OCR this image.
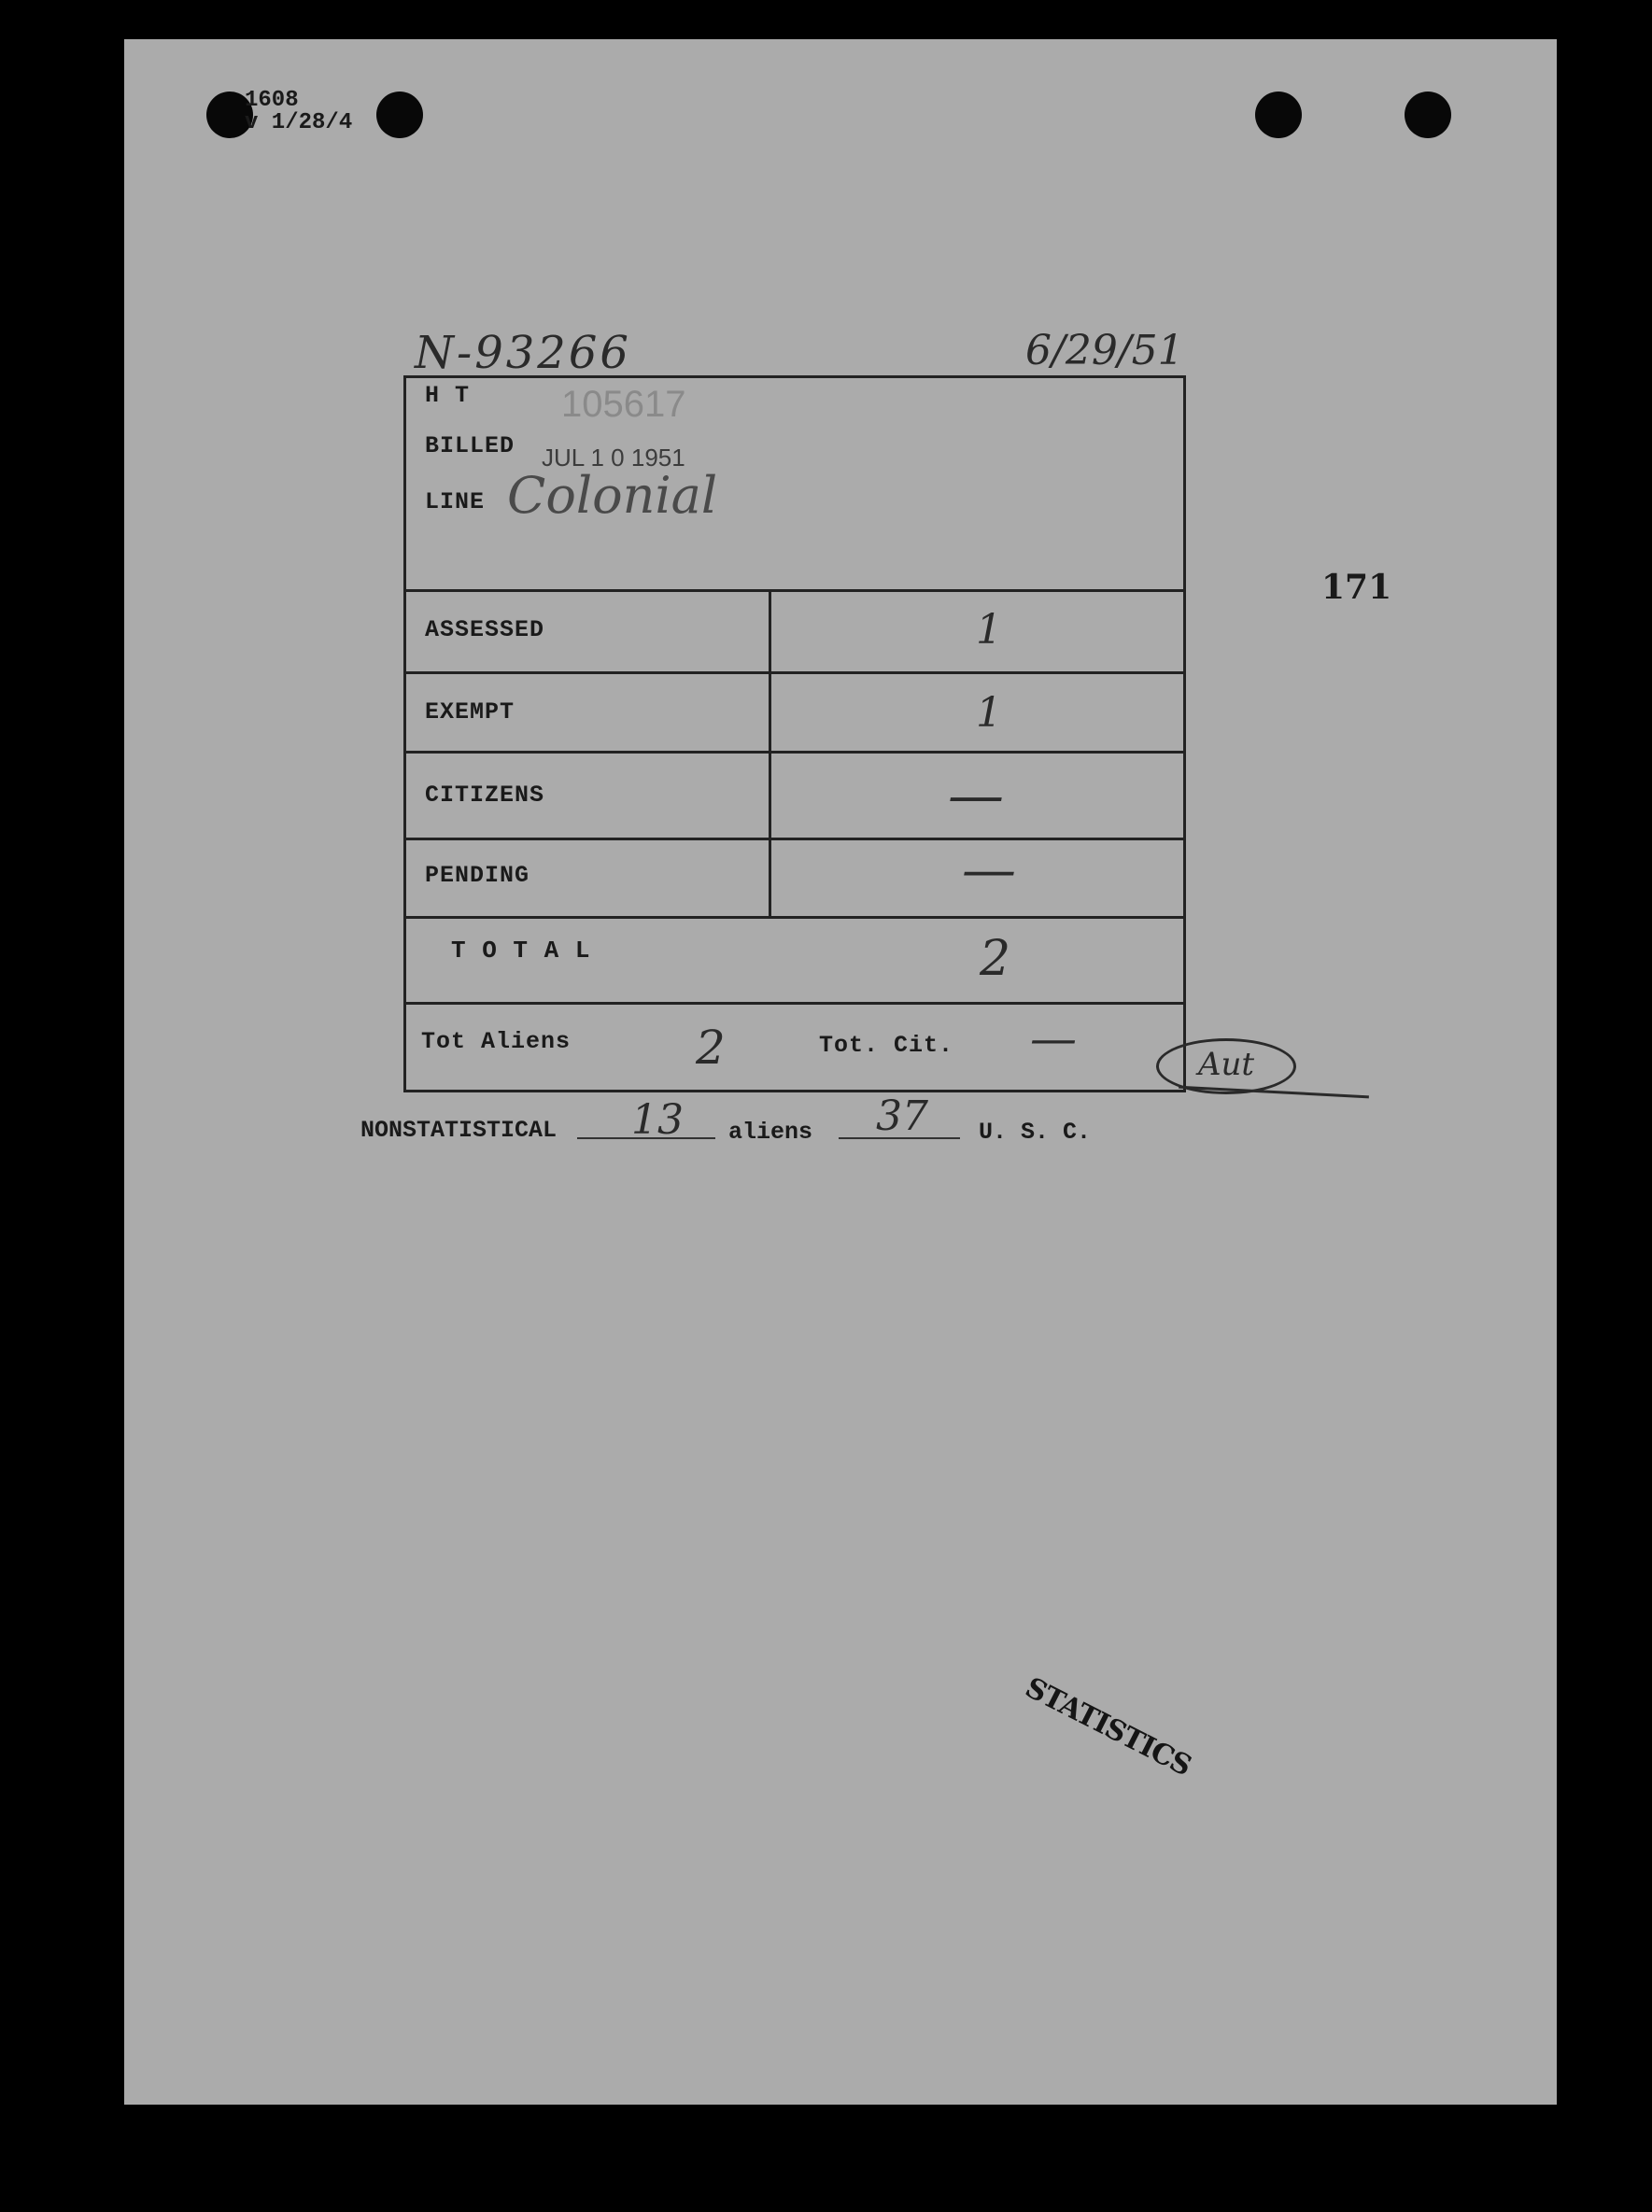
1608
v 1/28/4
N-93266	6/29/51
H T 105617
BILLED JUL 1 0 1951
LINE Colonial
ASSESSED	1
EXEMPT	1
CITIZENS	—
PENDING	—
T O T A L	2
Tot Aliens	2	Tot. Cit. —	Aut
171
NONSTATISTICAL 13 aliens 37 U. S. C.
STATISTICS
